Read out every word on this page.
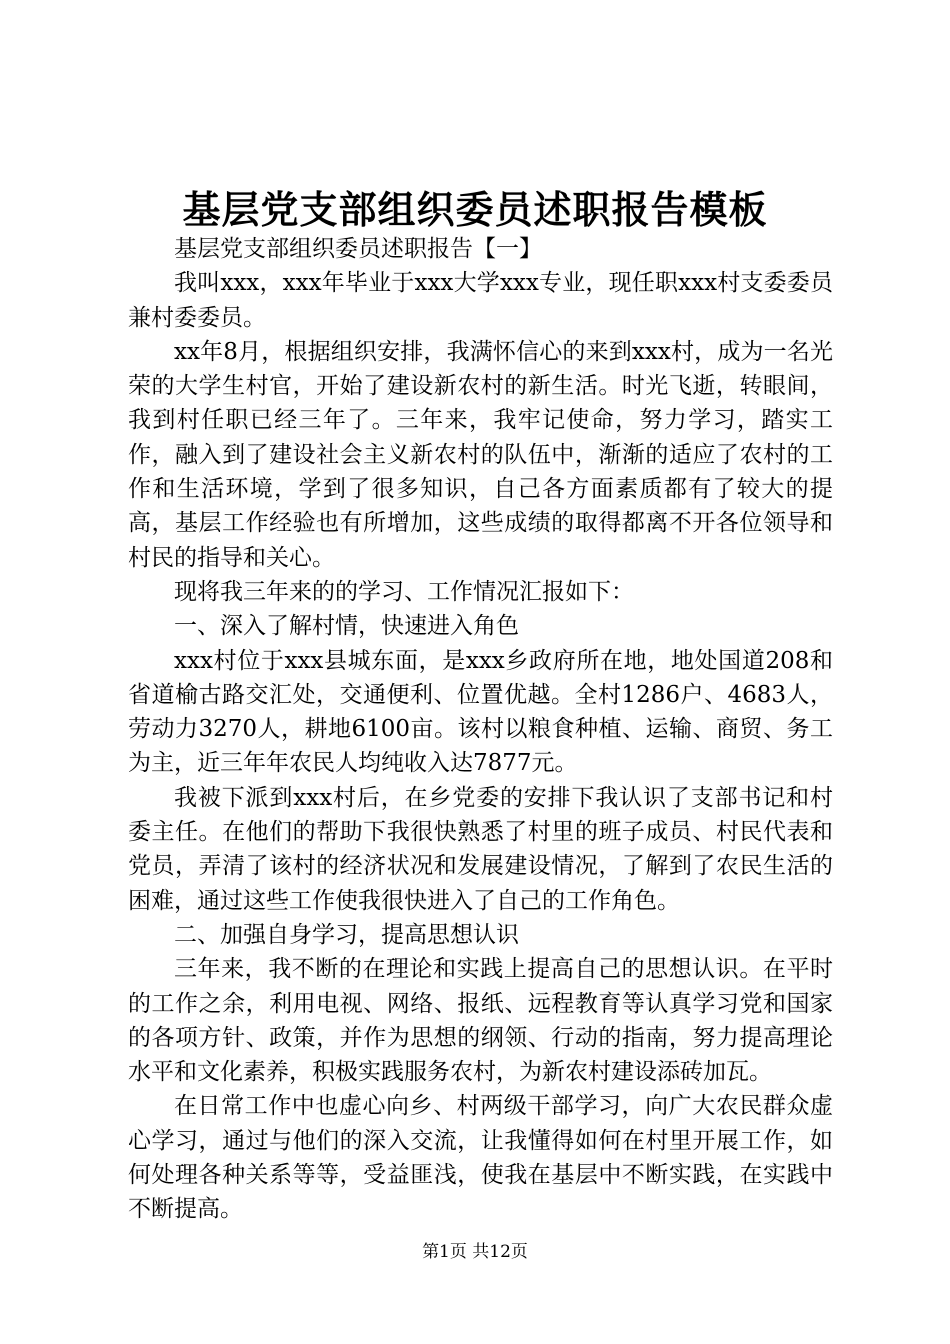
基层党支部组织委员述职报告模板

基层党支部组织委员述职报告【一】

我叫xxx，xxx年毕业于xxx大学xxx专业，现任职xxx村支委委员兼村委委员。

xx年8月，根据组织安排，我满怀信心的来到xxx村，成为一名光荣的大学生村官，开始了建设新农村的新生活。时光飞逝，转眼间，我到村任职已经三年了。三年来，我牢记使命，努力学习，踏实工作，融入到了建设社会主义新农村的队伍中，渐渐的适应了农村的工作和生活环境，学到了很多知识，自己各方面素质都有了较大的提高，基层工作经验也有所增加，这些成绩的取得都离不开各位领导和村民的指导和关心。

现将我三年来的的学习、工作情况汇报如下：

一、深入了解村情，快速进入角色

xxx村位于xxx县城东面，是xxx乡政府所在地，地处国道208和省道榆古路交汇处，交通便利、位置优越。全村1286户、4683人，劳动力3270人，耕地6100亩。该村以粮食种植、运输、商贸、务工为主，近三年年农民人均纯收入达7877元。

我被下派到xxx村后，在乡党委的安排下我认识了支部书记和村委主任。在他们的帮助下我很快熟悉了村里的班子成员、村民代表和党员，弄清了该村的经济状况和发展建设情况，了解到了农民生活的困难，通过这些工作使我很快进入了自己的工作角色。

二、加强自身学习，提高思想认识

三年来，我不断的在理论和实践上提高自己的思想认识。在平时的工作之余，利用电视、网络、报纸、远程教育等认真学习党和国家的各项方针、政策，并作为思想的纲领、行动的指南，努力提高理论水平和文化素养，积极实践服务农村，为新农村建设添砖加瓦。

在日常工作中也虚心向乡、村两级干部学习，向广大农民群众虚心学习，通过与他们的深入交流，让我懂得如何在村里开展工作，如何处理各种关系等等，受益匪浅，使我在基层中不断实践，在实践中不断提高。

第1页 共12页
